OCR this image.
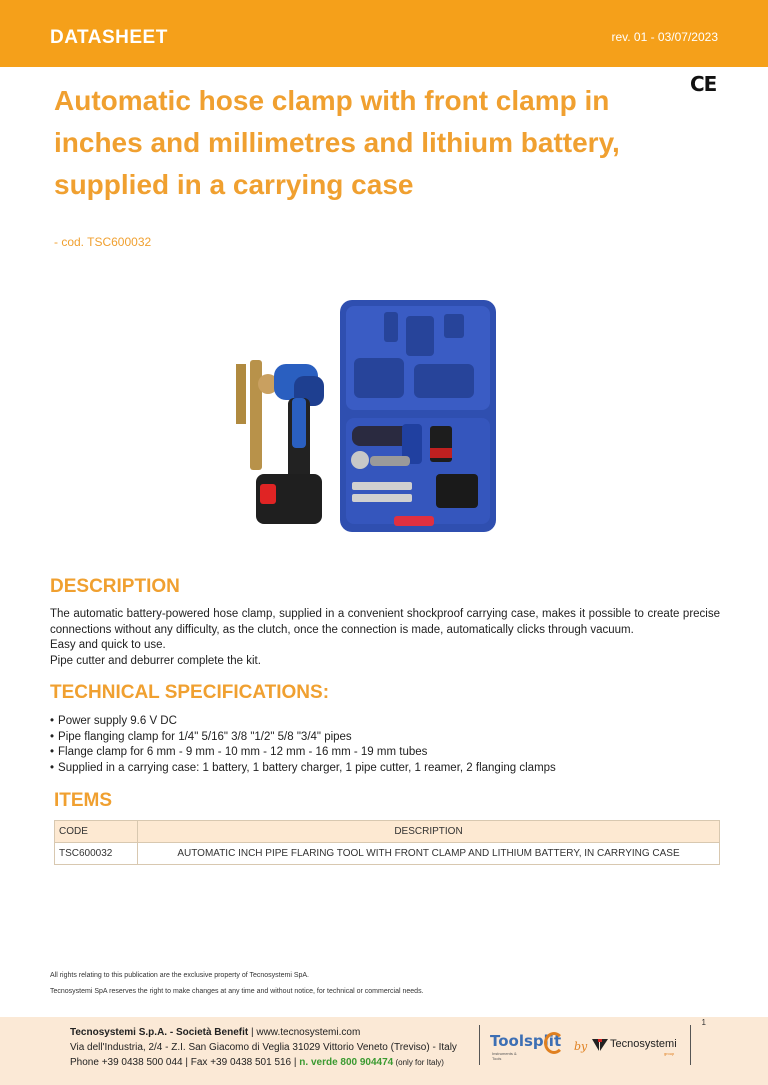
DATASHEET	rev. 01 - 03/07/2023
CE
Automatic hose clamp with front clamp in inches and millimetres and lithium battery, supplied in a carrying case
- cod. TSC600032
DESCRIPTION

The automatic battery-powered hose clamp, supplied in a convenient shockproof carrying case, makes it possible to create precise connections without any difficulty, as the clutch, once the connection is made, automatically clicks through vacuum.

Easy and quick to use.

Pipe cutter and deburrer complete the kit.

TECHNICAL SPECIFICATIONS:
• Power supply 9.6 V DC
• Pipe flanging clamp for 1/4" 5/16" 3/8 "1/2" 5/8 "3/4" pipes
• Flange clamp for 6 mm - 9 mm - 10 mm - 12 mm - 16 mm - 19 mm tubes
• Supplied in a carrying case: 1 battery, 1 battery charger, 1 pipe cutter, 1 reamer, 2 flanging clamps
ITEMS
CODE	DESCRIPTION
TSC600032	AUTOMATIC INCH PIPE FLARING TOOL WITH FRONT CLAMP AND LITHIUM BATTERY, IN CARRYING CASE
All rights relating to this publication are the exclusive property of Tecnosystemi SpA.
Tecnosystemi SpA reserves the right to make changes at any time and without notice, for technical or commercial needs.
1
Tecnosystemi S.p.A. - Società Benefit | www.tecnosystemi.com
Via dell'Industria, 2/4 - Z.I. San Giacomo di Veglia 31029 Vittorio Veneto (Treviso) - Italy
Phone +39 0438 500 044 | Fax +39 0438 501 516 | n. verde 800 904474 (only for Italy)
Toolsplit
Instruments & Tools
by Tecnosystemi
group
